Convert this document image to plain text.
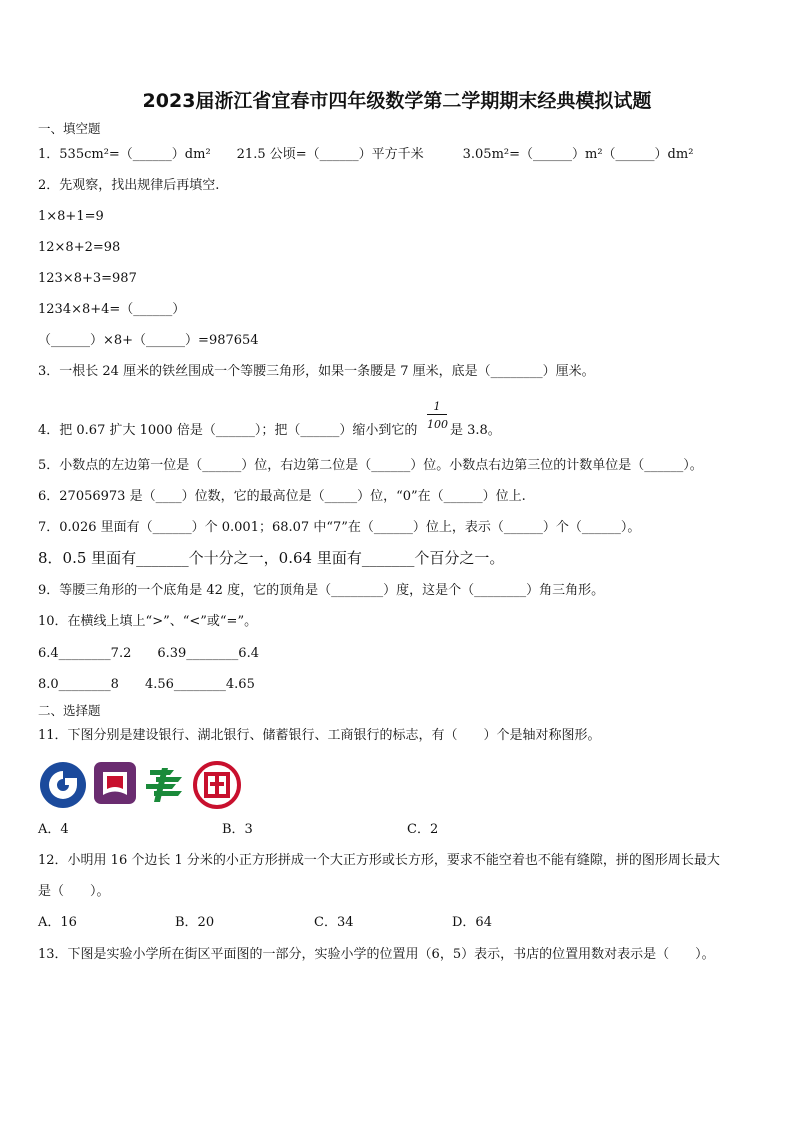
2023届浙江省宜春市四年级数学第二学期期末经典模拟试题
一、填空题
1．535cm²=（______）dm²　　21.5 公顷=（______）平方千米　　　3.05m²=（______）m²（______）dm²
2．先观察，找出规律后再填空.
1×8+1=9
12×8+2=98
123×8+3=987
1234×8+4=（______）
（______）×8+（______）=987654
3．一根长 24 厘米的铁丝围成一个等腰三角形，如果一条腰是 7 厘米，底是（________）厘米。
4．把 0.67 扩大 1000 倍是（______）；把（______）缩小到它的 $\frac{1}{100}$ 是 3.8。
5．小数点的左边第一位是（______）位，右边第二位是（______）位。小数点右边第三位的计数单位是（______）。
6．27056973 是（____）位数，它的最高位是（_____）位，“0”在（______）位上.
7．0.026 里面有（______）个 0.001；68.07 中“7”在（______）位上，表示（______）个（______）。
8．0.5 里面有_______个十分之一，0.64 里面有_______个百分之一。
9．等腰三角形的一个底角是 42 度，它的顶角是（________）度，这是个（________）角三角形。
10．在横线上填上“>”、“<”或“=”。
6.4________7.2　　6.39________6.4
8.0________8　　4.56________4.65
二、选择题
11．下图分别是建设银行、湖北银行、储蓄银行、工商银行的标志，有（　　）个是轴对称图形。
A．4	B．3	C．2
12．小明用 16 个边长 1 分米的小正方形拼成一个大正方形或长方形，要求不能空着也不能有缝隙，拼的图形周长最大
是（　　）。
A．16	B．20	C．34	D．64
13．下图是实验小学所在街区平面图的一部分，实验小学的位置用（6，5）表示，书店的位置用数对表示是（　　）。
